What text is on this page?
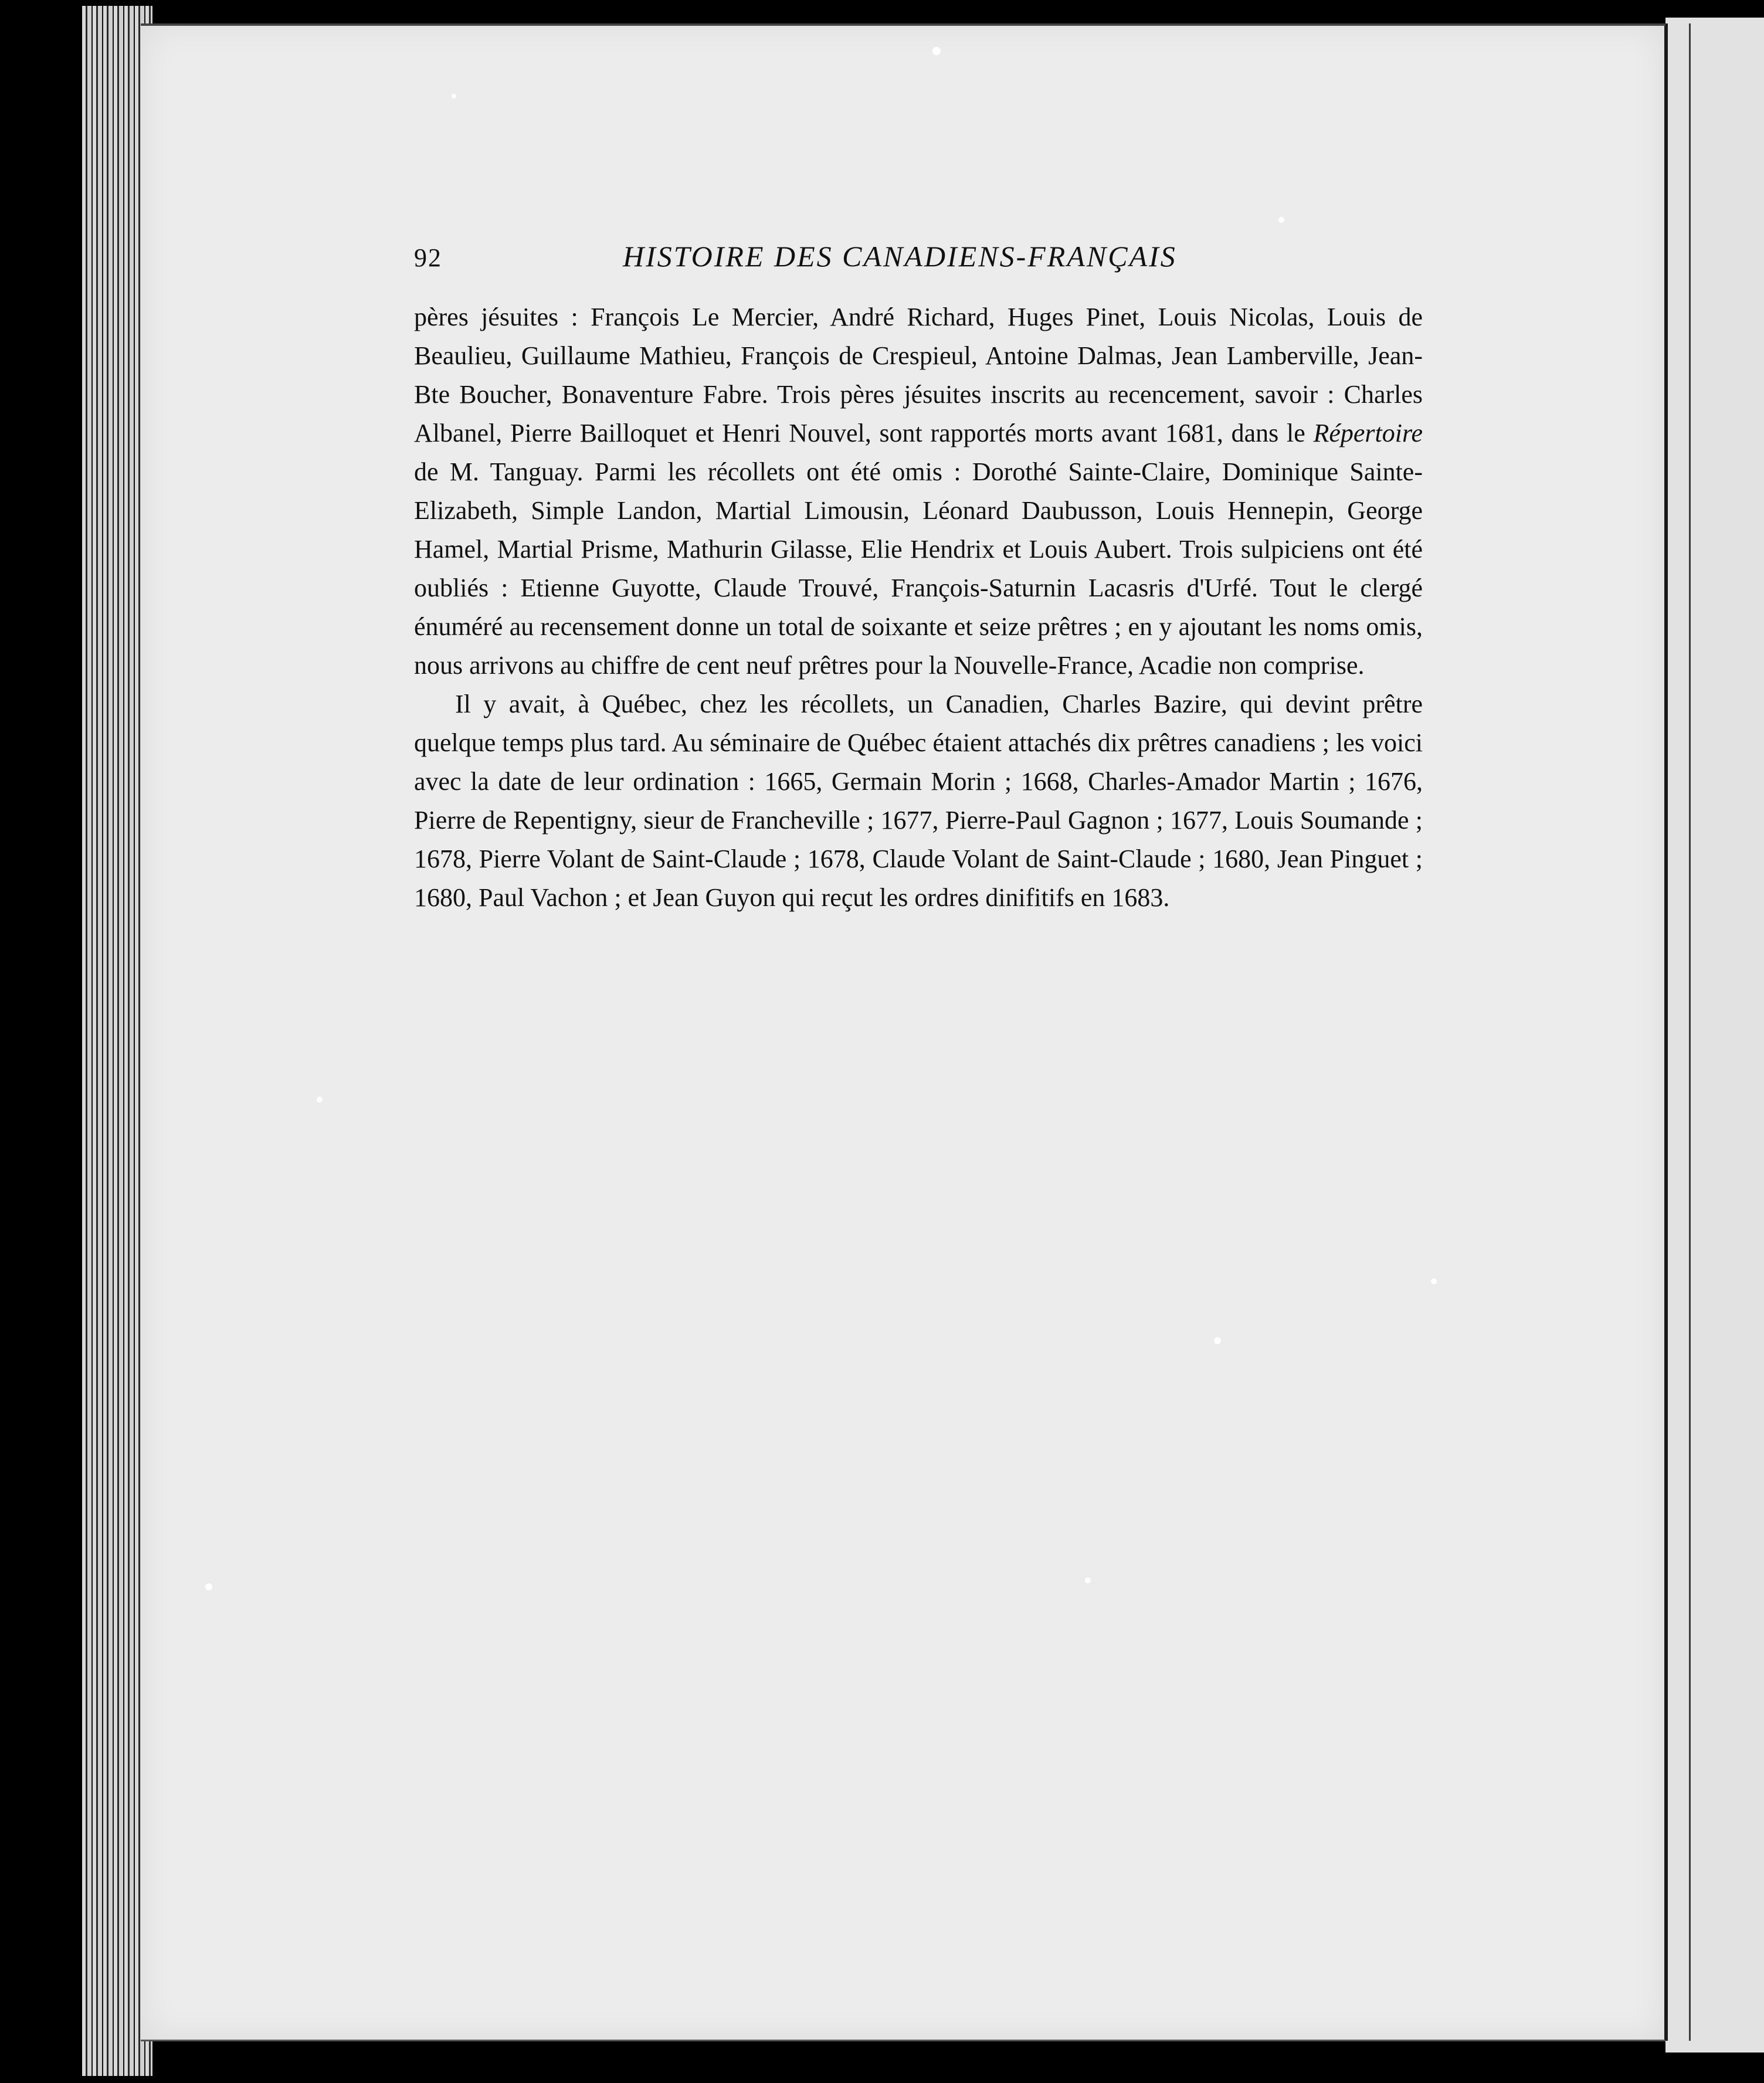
92	HISTOIRE DES CANADIENS-FRANÇAIS

pères jésuites : François Le Mercier, André Richard, Huges Pinet, Louis Nicolas, Louis de Beaulieu, Guillaume Mathieu, François de Crespieul, Antoine Dalmas, Jean Lamberville, Jean-Bte Boucher, Bonaventure Fabre. Trois pères jésuites inscrits au recencement, savoir : Charles Albanel, Pierre Bailloquet et Henri Nouvel, sont rapportés morts avant 1681, dans le Répertoire de M. Tanguay. Parmi les récollets ont été omis : Dorothé Sainte-Claire, Dominique Sainte-Elizabeth, Simple Landon, Martial Limousin, Léonard Daubusson, Louis Hennepin, George Hamel, Martial Prisme, Mathurin Gilasse, Elie Hendrix et Louis Aubert. Trois sulpiciens ont été oubliés : Etienne Guyotte, Claude Trouvé, François-Saturnin Lacasris d'Urfé. Tout le clergé énuméré au recensement donne un total de soixante et seize prêtres ; en y ajoutant les noms omis, nous arrivons au chiffre de cent neuf prêtres pour la Nouvelle-France, Acadie non comprise.

Il y avait, à Québec, chez les récollets, un Canadien, Charles Bazire, qui devint prêtre quelque temps plus tard. Au séminaire de Québec étaient attachés dix prêtres canadiens ; les voici avec la date de leur ordination : 1665, Germain Morin ; 1668, Charles-Amador Martin ; 1676, Pierre de Repentigny, sieur de Francheville ; 1677, Pierre-Paul Gagnon ; 1677, Louis Soumande ; 1678, Pierre Volant de Saint-Claude ; 1678, Claude Volant de Saint-Claude ; 1680, Jean Pinguet ; 1680, Paul Vachon ; et Jean Guyon qui reçut les ordres dinifitifs en 1683.
